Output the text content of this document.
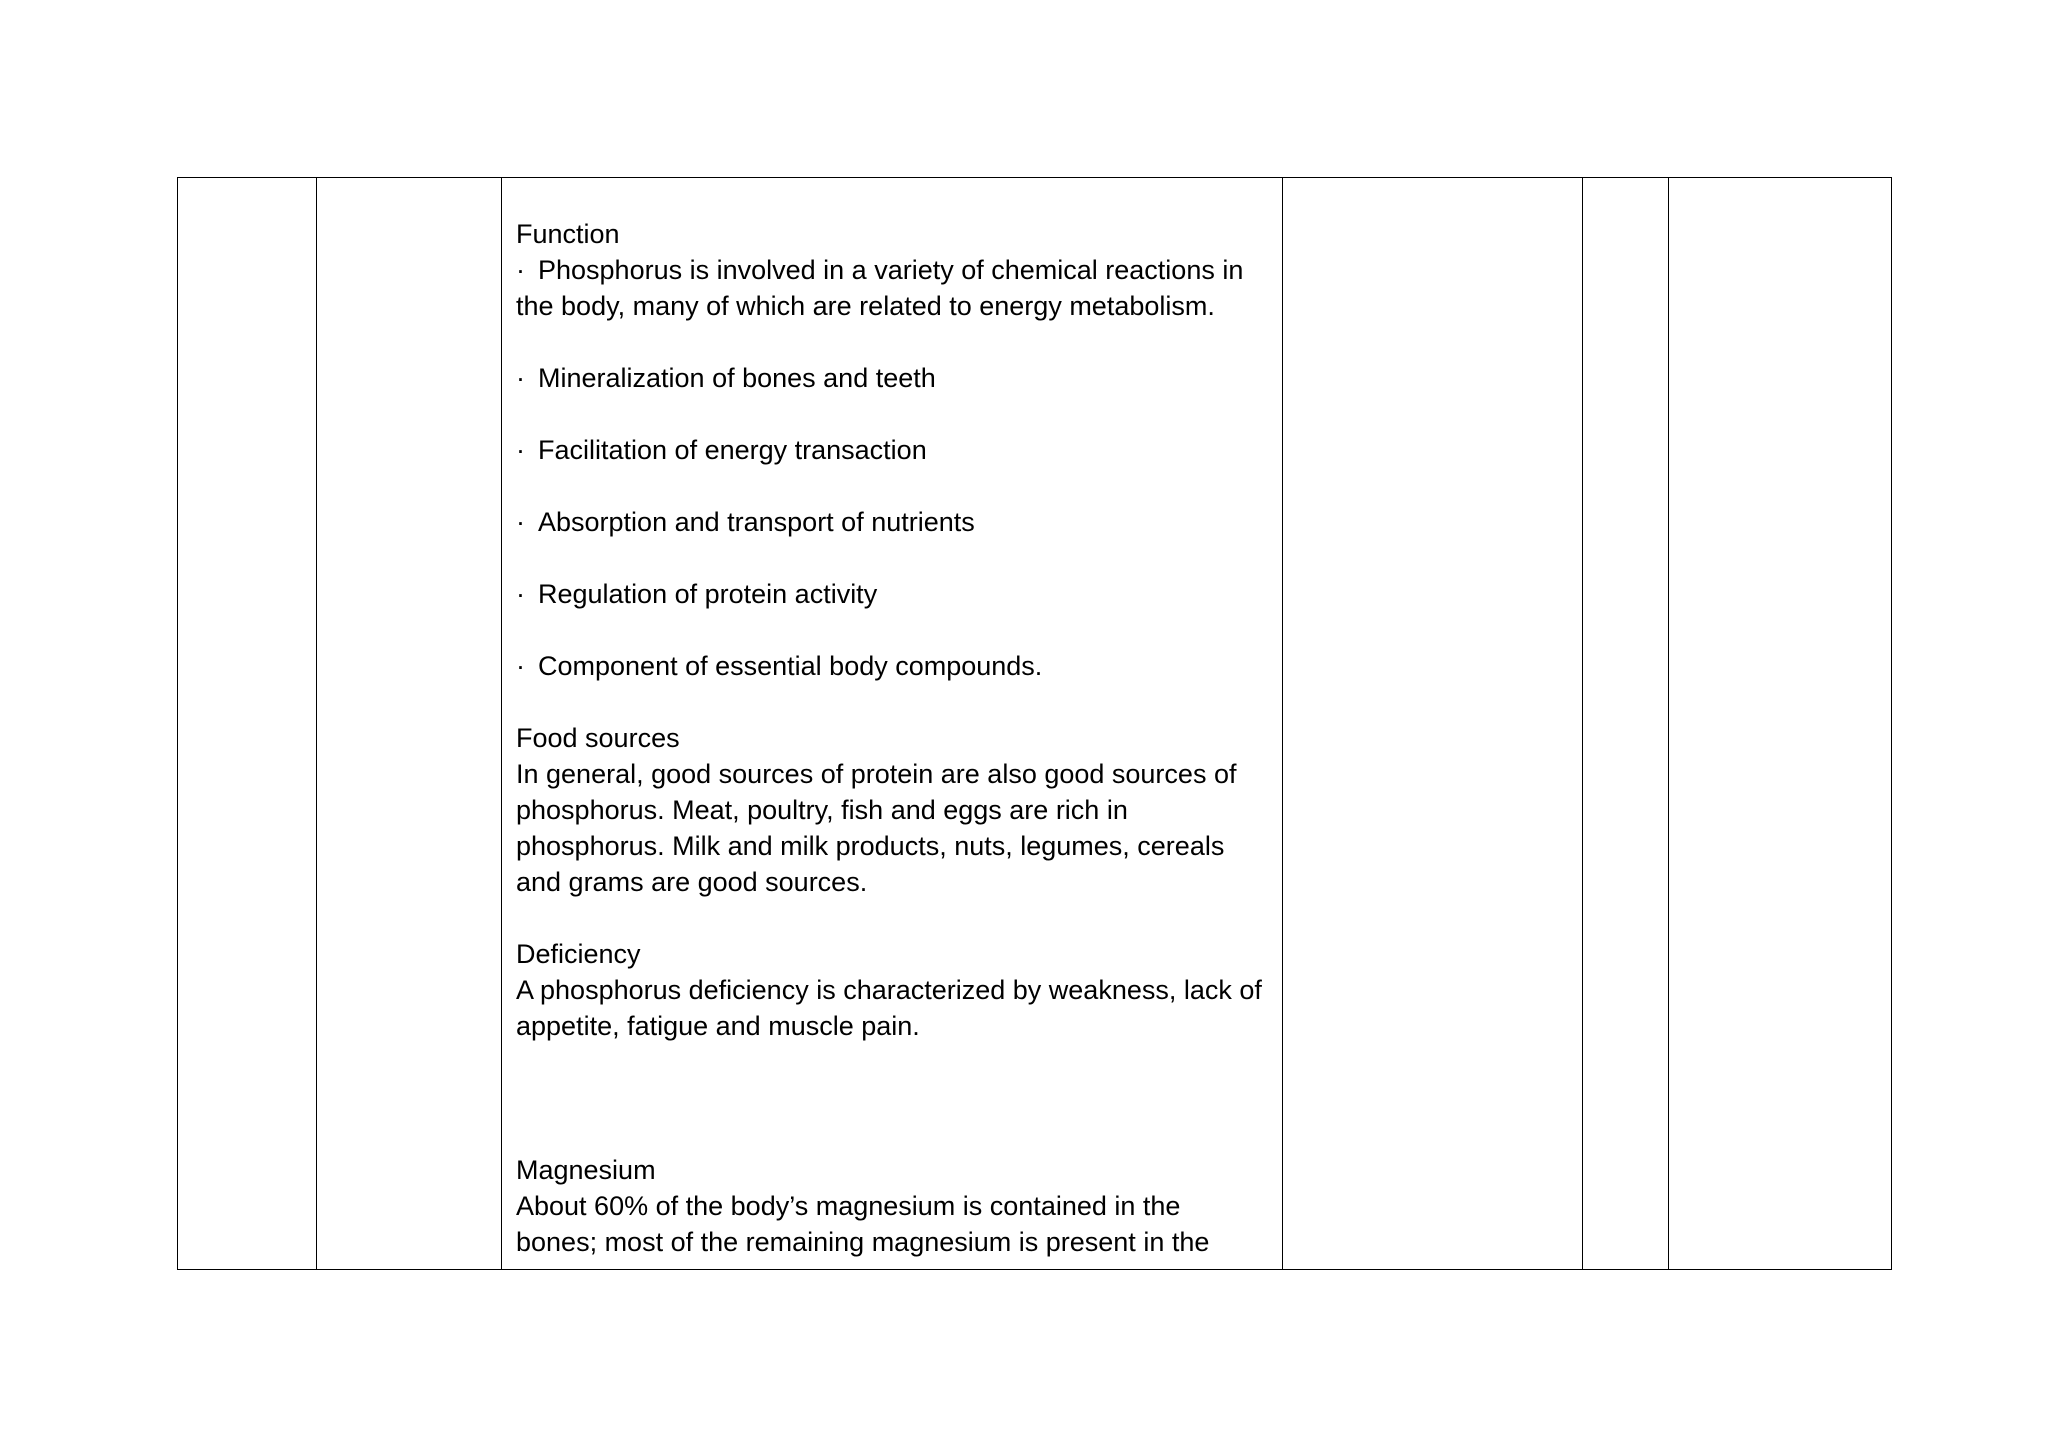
Function

· Phosphorus is involved in a variety of chemical reactions in the body, many of which are related to energy metabolism.

· Mineralization of bones and teeth

· Facilitation of energy transaction

· Absorption and transport of nutrients

· Regulation of protein activity

· Component of essential body compounds.

Food sources

In general, good sources of protein are also good sources of phosphorus. Meat, poultry, fish and eggs are rich in phosphorus. Milk and milk products, nuts, legumes, cereals and grams are good sources.

Deficiency

A phosphorus deficiency is characterized by weakness, lack of appetite, fatigue and muscle pain.

Magnesium

About 60% of the body’s magnesium is contained in the bones; most of the remaining magnesium is present in the
